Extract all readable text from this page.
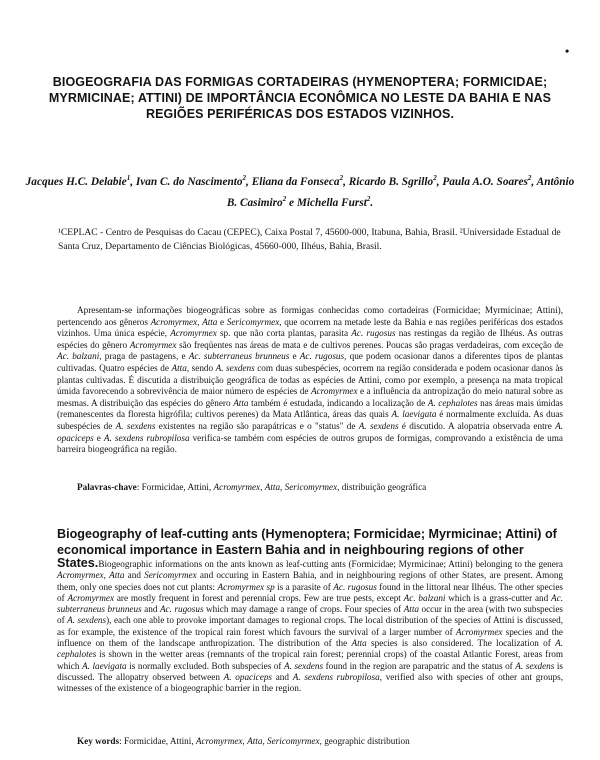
•
BIOGEOGRAFIA DAS FORMIGAS CORTADEIRAS (HYMENOPTERA; FORMICIDAE; MYRMICINAE; ATTINI) DE IMPORTÂNCIA ECONÔMICA NO LESTE DA BAHIA E NAS REGIÕES PERIFÉRICAS DOS ESTADOS VIZINHOS.
Jacques H.C. Delabie$^1$, Ivan C. do Nascimento$^2$, Eliana da Fonseca$^2$, Ricardo B. Sgrillo$^2$, Paula A.O. Soares$^2$, Antônio B. Casimiro$^2$ e Michella Furst$^2$.
¹CEPLAC - Centro de Pesquisas do Cacau (CEPEC), Caixa Postal 7, 45600-000, Itabuna, Bahia, Brasil. ²Universidade Estadual de Santa Cruz, Departamento de Ciências Biológicas, 45660-000, Ilhéus, Bahia, Brasil.
Apresentam-se informações biogeográficas sobre as formigas conhecidas como cortadeiras (Formicidae; Myrmicinae; Attini), pertencendo aos gêneros Acromyrmex, Atta e Sericomyrmex, que ocorrem na metade leste da Bahia e nas regiões periféricas dos estados vizinhos. Uma única espécie, Acromyrmex sp. que não corta plantas, parasita Ac. rugosus nas restingas da região de Ilhéus. As outras espécies do gênero Acromyrmex são freqüentes nas áreas de mata e de cultivos perenes. Poucas são pragas verdadeiras, com exceção de Ac. balzani, praga de pastagens, e Ac. subterraneus brunneus e Ac. rugosus, que podem ocasionar danos a diferentes tipos de plantas cultivadas. Quatro espécies de Atta, sendo A. sexdens com duas subespécies, ocorrem na região considerada e podem ocasionar danos às plantas cultivadas. É discutida a distribuição geográfica de todas as espécies de Attini, como por exemplo, a presença na mata tropical úmida favorecendo a sobrevivência de maior número de espécies de Acromyrmex e a influência da antropização do meio natural sobre as mesmas. A distribuição das espécies do gênero Atta também é estudada, indicando a localização de A. cephalotes nas áreas mais úmidas (remanescentes da floresta higrófila; cultivos perenes) da Mata Atlântica, áreas das quais A. laevigata é normalmente excluída. As duas subespécies de A. sexdens existentes na região são parapátricas e o "status" de A. sexdens é discutido. A alopatria observada entre A. opaciceps e A. sexdens rubropilosa verifica-se também com espécies de outros grupos de formigas, comprovando a existência de uma barreira biogeográfica na região.
Palavras-chave: Formicidae, Attini, Acromyrmex, Atta, Sericomyrmex, distribuição geográfica
Biogeography of leaf-cutting ants (Hymenoptera; Formicidae; Myrmicinae; Attini) of economical importance in Eastern Bahia and in neighbouring regions of other
States.Biogeographic informations on the ants known as leaf-cutting ants (Formicidae; Myrmicinae; Attini) belonging to the genera Acromyrmex, Atta and Sericomyrmex and occuring in Eastern Bahia, and in neighbouring regions of other States, are present. Among them, only one species does not cut plants: Acromyrmex sp is a parasite of Ac. rugosus found in the littoral near Ilhéus. The other species of Acromyrmex are mostly frequent in forest and perennial crops. Few are true pests, except Ac. balzani which is a grass-cutter and Ac. subterraneus brunneus and Ac. rugosus which may damage a range of crops. Four species of Atta occur in the area (with two subspecies of A. sexdens), each one able to provoke important damages to regional crops. The local distribution of the species of Attini is discussed, as for example, the existence of the tropical rain forest which favours the survival of a larger number of Acromyrmex species and the influence on them of the landscape anthropization. The distribution of the Atta species is also considered. The localization of A. cephalotes is shown in the wetter areas (remnants of the tropical rain forest; perennial crops) of the coastal Atlantic Forest, areas from which A. laevigata is normally excluded. Both subspecies of A. sexdens found in the region are parapatric and the status of A. sexdens is discussed. The allopatry observed between A. opaciceps and A. sexdens rubropilosa, verified also with species of other ant groups, witnesses of the existence of a biogeographic barrier in the region.
Key words: Formicidae, Attini, Acromyrmex, Atta, Sericomyrmex, geographic distribution
